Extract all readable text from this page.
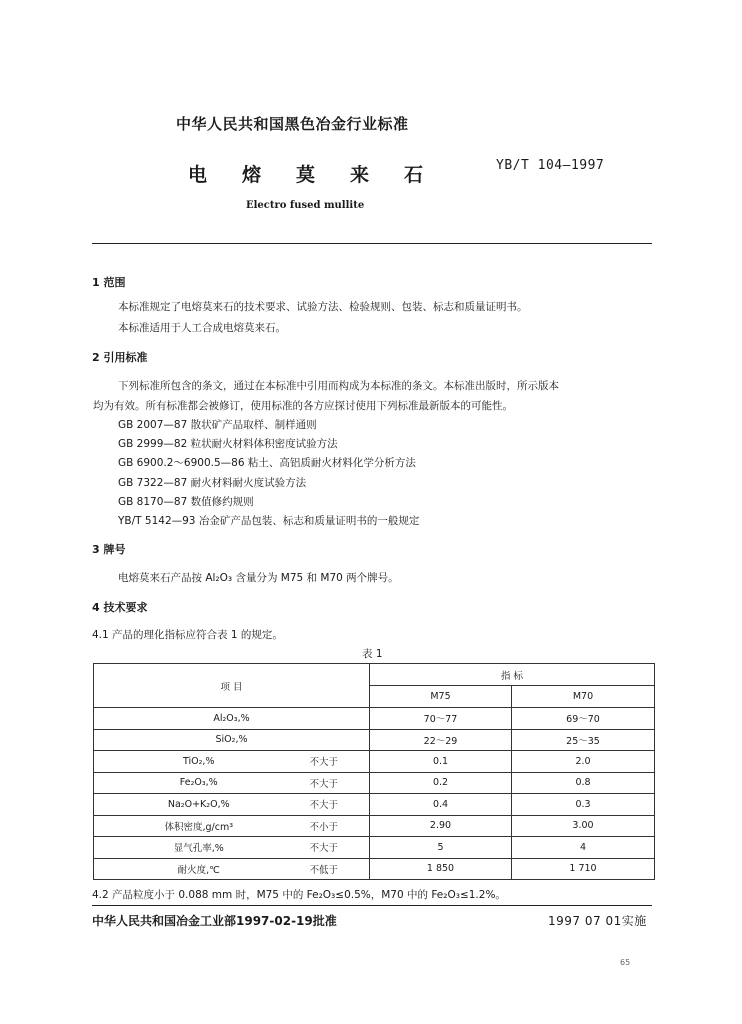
中华人民共和国黑色冶金行业标准
电熔莫来石	YB/T 104—1997
Electro fused mullite
1 范围
本标准规定了电熔莫来石的技术要求、试验方法、检验规则、包装、标志和质量证明书。
本标准适用于人工合成电熔莫来石。
2 引用标准
下列标准所包含的条文，通过在本标准中引用而构成为本标准的条文。本标准出版时，所示版本
均为有效。所有标准都会被修订，使用标准的各方应探讨使用下列标准最新版本的可能性。
GB 2007—87 散状矿产品取样、制样通则
GB 2999—82 粒状耐火材料体积密度试验方法
GB 6900.2～6900.5—86 粘土、高铝质耐火材料化学分析方法
GB 7322—87 耐火材料耐火度试验方法
GB 8170—87 数值修约规则
YB/T 5142—93 冶金矿产品包装、标志和质量证明书的一般规定
3 牌号
电熔莫来石产品按 Al₂O₃ 含量分为 M75 和 M70 两个牌号。
4 技术要求
4.1 产品的理化指标应符合表 1 的规定。
表 1
项 目		指 标	
		M75	M70
Al₂O₃,%		70～77	69～70
SiO₂,%		22～29	25～35
TiO₂,%	不大于	0.1	2.0
Fe₂O₃,%	不大于	0.2	0.8
Na₂O+K₂O,%	不大于	0.4	0.3
体积密度,g/cm³	不小于	2.90	3.00
显气孔率,%	不大于	5	4
耐火度,℃	不低于	1 850	1 710
4.2 产品粒度小于 0.088 mm 时，M75 中的 Fe₂O₃≤0.5%，M70 中的 Fe₂O₃≤1.2%。
中华人民共和国冶金工业部1997-02-19批准	1997 07 01实施
65
